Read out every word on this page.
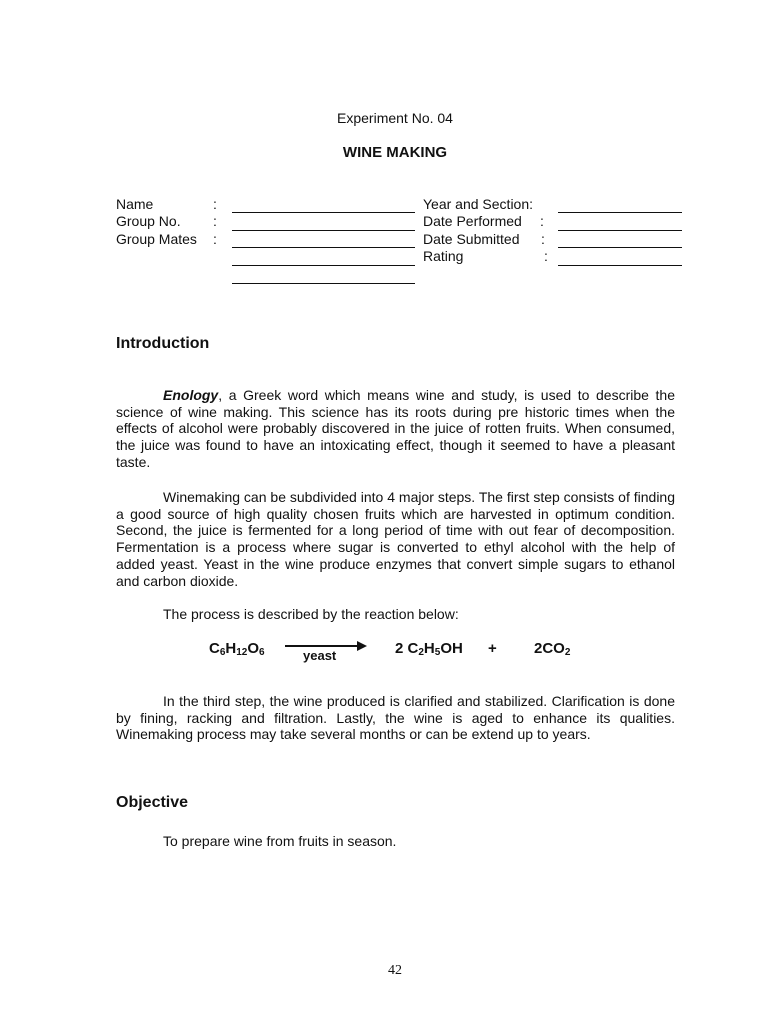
Experiment No. 04
WINE MAKING
Name	:
Group No. :
Group Mates :
Year and Section:
Date Performed :
Date Submitted :
Rating	:
Introduction

Enology, a Greek word which means wine and study, is used to describe the science of wine making. This science has its roots during pre historic times when the effects of alcohol were probably discovered in the juice of rotten fruits. When consumed, the juice was found to have an intoxicating effect, though it seemed to have a pleasant taste.

Winemaking can be subdivided into 4 major steps. The first step consists of finding a good source of high quality chosen fruits which are harvested in optimum condition. Second, the juice is fermented for a long period of time with out fear of decomposition. Fermentation is a process where sugar is converted to ethyl alcohol with the help of added yeast. Yeast in the wine produce enzymes that convert simple sugars to ethanol and carbon dioxide.

The process is described by the reaction below:
$C_6H_{12}O_6$	yeast	2 $C_2H_5OH + 2CO_2$

In the third step, the wine produced is clarified and stabilized. Clarification is done by fining, racking and filtration. Lastly, the wine is aged to enhance its qualities. Winemaking process may take several months or can be extend up to years.

Objective
To prepare wine from fruits in season.
42
